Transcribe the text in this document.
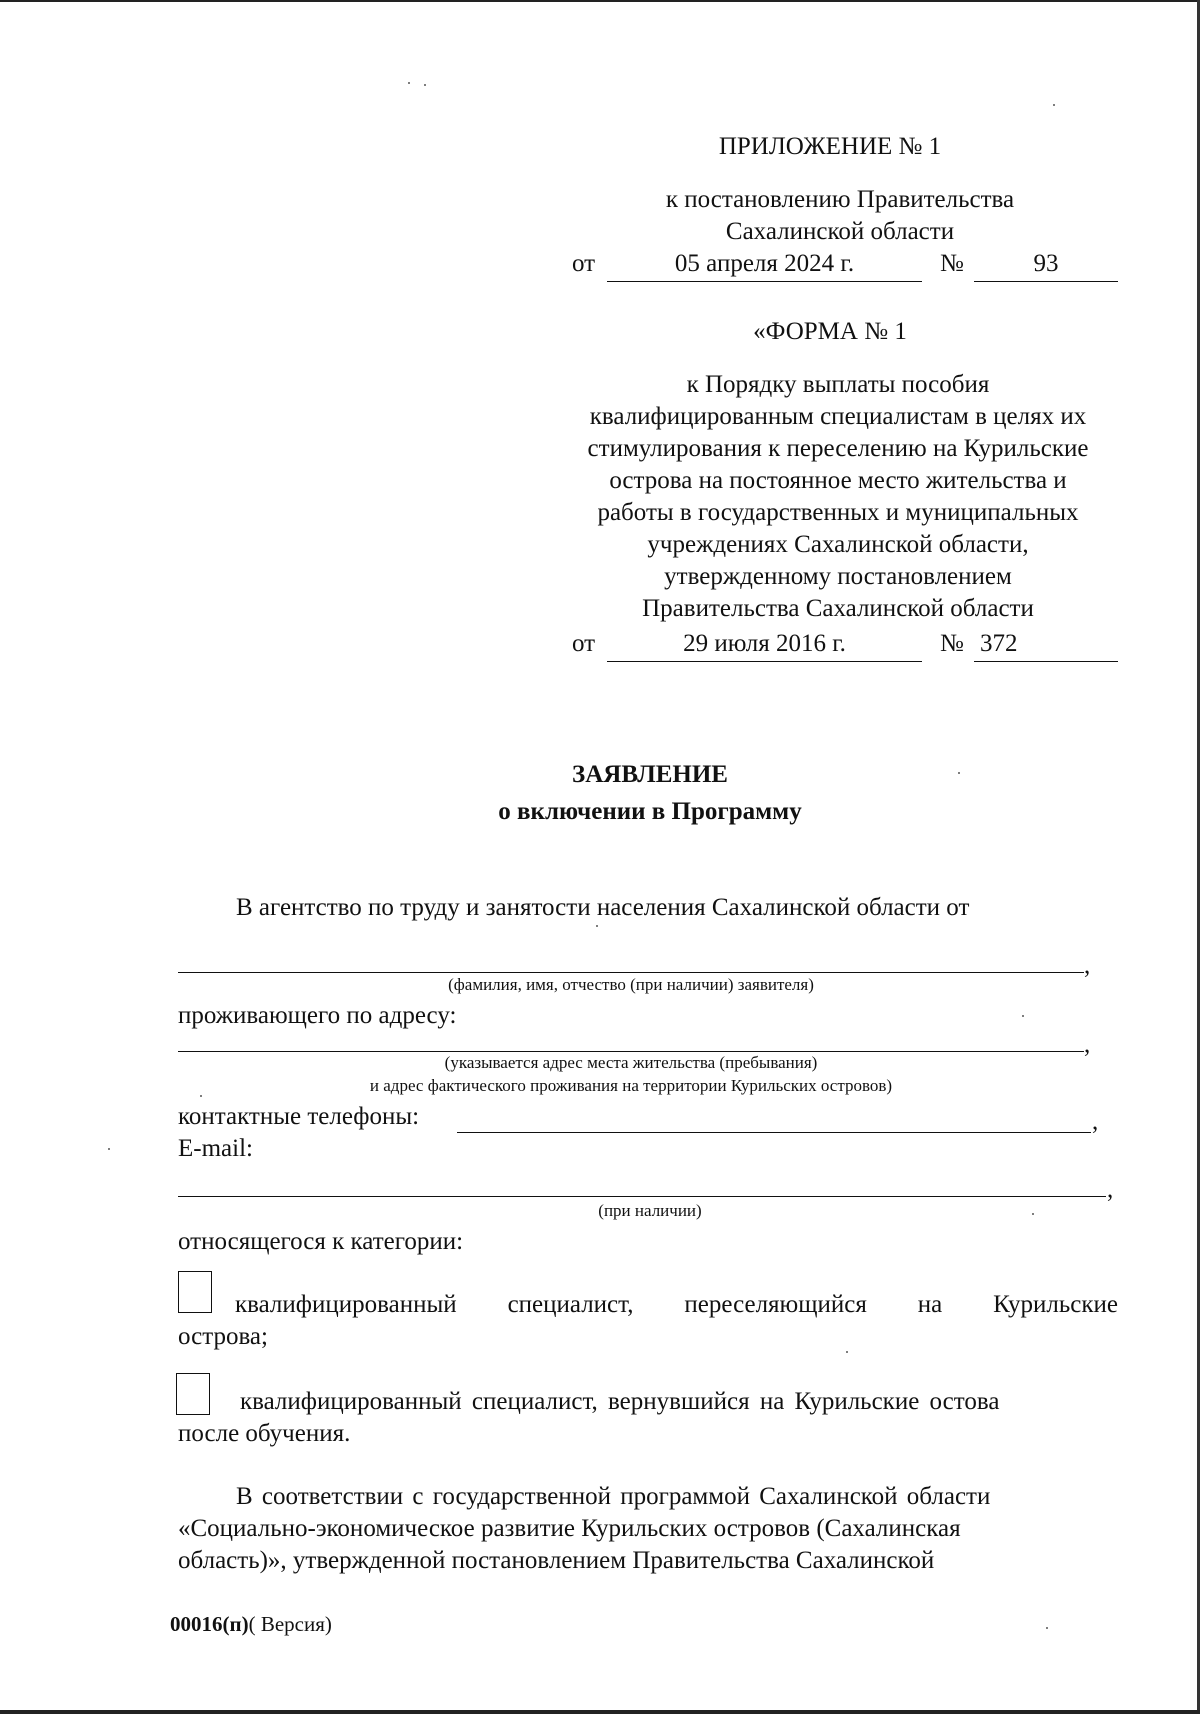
ПРИЛОЖЕНИЕ № 1
к постановлению Правительства
Сахалинской области
от	05 апреля 2024 г.	№	93
«ФОРМА № 1
к Порядку выплаты пособия
квалифицированным специалистам в целях их
стимулирования к переселению на Курильские
острова на постоянное место жительства и
работы в государственных и муниципальных
учреждениях Сахалинской области,
утвержденному постановлением
Правительства Сахалинской области
от	29 июля 2016 г.	№ 372
ЗАЯВЛЕНИЕ
о включении в Программу
В агентство по труду и занятости населения Сахалинской области от
,
(фамилия, имя, отчество (при наличии) заявителя)
проживающего по адресу:
,
(указывается адрес места жительства (пребывания)
и адрес фактического проживания на территории Курильских островов)
контактные телефоны:	,
E-mail:
,
(при наличии)
относящегося к категории:
квалифицированный специалист, переселяющийся на Курильские
острова;
квалифицированный специалист, вернувшийся на Курильские остова
после обучения.
В соответствии с государственной программой Сахалинской области
«Социально-экономическое развитие Курильских островов (Сахалинская
область)», утвержденной постановлением Правительства Сахалинской
00016(п)( Версия)
